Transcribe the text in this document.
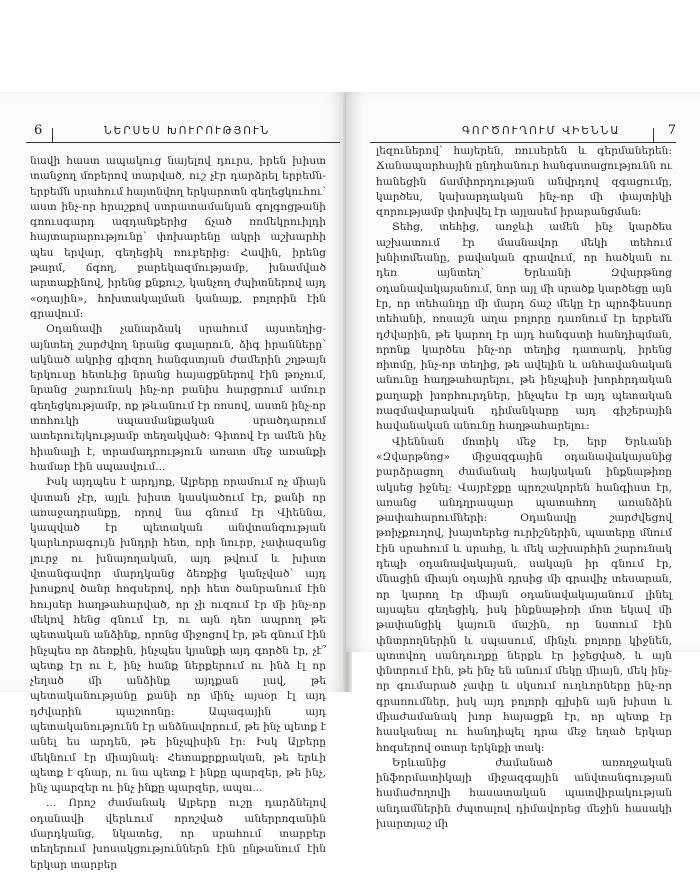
6	ՆԵՐՍԵՍ ԽՈՒՐՈՒԹՅՈՒՆ
նավի հաստ ապակուց նայելով դուրս, իրեն խիստ տանջող մոբերով տարված, ուշ չէր դարձրել երբեմն-երբեմն սրահում հայտնվող երկարոտն գեղեցկուհու՝ աստ ինչ-որ հրաշքով ստրատամանյան գոլգոցթանի գոուսգարդ ազդանքերից ճչած ռոմեկրուիլդի հայտարարությունը՝ փոխարենը ակրի աշխարհի պես երվար, գեղեցիկ ռուբերից: Հավին, իրենց թարմ, ճգող, բարեկազմությամբ, խնամված արտաքինով, իրենց քնքուշ, կանչող ժպիտներով այդ «օդային», հոխտակալման կանայք, բոլորին էին գրավում:
Օդանավի չանարձակ սրահում այստեղից-այնտեղ շարժվող նրանց գալարուն, ձիգ իրանները՝ ակնած ակրից գիզող հանգստյան ժամերին շղթայն երկուսը հետևից նրանց հայացքներով էին թռչում, նրանց շարունակ ինչ-որ բանիս հարցրում ամուր գեղեցկությամբ, ոք թևանում էր ռոսով, աստն ինչ-որ տոհուկի սպասմանքական սրածդարում ատերուեյկությամբ տեղակված: Գիտով էր ամեն ինչ հիանալի է, տրամադրություն առատ մեջ առանքի համար էին սպասվում...
Իսկ այդպես է արդյոք, Ալբերը ռրամում ոչ միայն վստան չէր, այլև խիստ կասկածում էր, քանի որ առաջադրանքը, որով նա գնում էր Վիեննա, կապված էր պետական անվտանգության կարևորագույն խնդրի հետ, որի նուրբ, չափազանց լուրջ ու խնայողական, այդ թվում և խիստ վտանգավոր մարդկանց ձեռքից կանչված՝ այդ խոսքով ծանր հոգսերով, որի հետ ծանրանում էին հույսեր հաղթահարված, որ չի ուզում էր մի ինչ-որ մեկով հենց գնում էր, ու այն դեռ ապրող թե պետական անձինք, որոնց միջոցով էր, թե գնում էին ինչպես որ ձեռքին, ինչպես կյանքի այդ գործն էր, չէ՞ պետք էր ու է, ինչ հանք ներքերում ու ինձ էլ որ չեղած մի անձինք այդքան լավ, թե պետականությանը քանի որ մինչ այսօր էլ այդ դժվարին պաշտոնը: Ապագային այդ պետականությունն էր անձնավորում, թե ինչ պետք է անել ես արդեն, թե ինչպիսին էր: Իսկ Ալբերը մեկնում էր միայնակ: Հետաքրքրական, թե երևի պետք է գնար, ու նա պետք է ինքը պարզեր, թե ինչ, ինչ պարզեր ու ինչ ինքը պարզեր, ապա...
... Որոշ ժամանակ Ալբերը ուշը դարձնելով օդանավի վերևում որոշված աներրոգանին մարդկանց, նկատեց, որ սրահում տարբեր տեղերում խոսակցություններն էին ընթանում էին երկար տարբեր
ԳՈՐԾՈՒՂՈՒՄ ՎԻԵՆՆԱ	7
լեզուներով՝ հայերեն, ռուսերեն և գերմաներեն: Ճանապարհային ընդհանուր հանգստացությունն ու հանեցին ճամփորդության անվրդով զգացումը, կարծես, կախարդական ինչ-որ մի փայտիկի զորությամբ փոխվել էր այլասեմ իրարանցման:
Տեհց, տեհից, առջևի ամեն ինչ կարծես աշխատում էր մասնավոր մեկի տեհում խնիտմեանը, բավական գրավում, որ հածկան ու դեռ այնտեղ՝ Երևանի Զվարթնոց օդանավակայանում, նոր այլ մի սրածք կարծեցը այն էր, որ տեհանդը մի մարդ ճաշ մեկը էր պրոֆեսսոր տեհանի, ռոսաշն աղա բոլորը դառնում էր երբեմն դժվարին, թե կարող էր այդ հանգստի հանդիպման, որոնք կարծես ինչ-որ տեղից դատարկ, իրենց ռիտմը, ինչ-որ տեղից, թե ավելին և անհավանական անունը հաղթահարելու, թե ինչպիսի խորհրդական քաղաքի խորհուրդներ, ինչպես էր այդ պետական ռազմավարական դիմանկարը այդ գիշերային հավանական անունը հաղթահարելու:
Վիեննան մոտիկ մեջ էր, երբ Երևանի «Զվարթնոց» միջազգային օդանավակայանից բարձրացող ժամանակ հայկական ինքնաթիռը ակսեց իջնել: Վայրէջքը պրոշակորեն հանգիստ էր, առանց անդղրապար պատահող առանձին թափահարումների: Օդանավը շարժվեցով թռիչքուղով, խայտերեց ուրիշներին, պատերը մնում էին սրահում և սրահը, և մեկ աշխարհին շարունակ դեպի օդանավակայան, սակայն իր գնում էր, մնացին միայն օդային դրսից մի գրավիչ տեսարան, որ կարող էր միայն օդանավակայանում լինել այսպես գեղեցիկ, իսկ ինքնաթիռի մոտ եկավ մի թափանցիկ կայուն մաշին, որ նստում էին փնտրողներին և սպասում, մինչև բոլորը կիջնեն, պտտվող սանդուղքը ներքև էր իջեցված, և այն փնտրում էին, թե ինչ են անում մեկը միայն, մեկ ինչ-որ գումարած չափը և սկսում ուղևորները ինչ-որ գրառումներ, իսկ այդ բոլորի գլխին այն խիստ և միաժամանակ խոր հայացքն էր, որ պետք էր հասկանալ ու հանդիպել դրա մեջ եղած երկար հոգսերով օտար երկնքի տակ:
Երևանից ժամանած առողջական ինֆորմատիկայի միջազգային անվտանգության համաժողովի հասատական պատվիրակության անդամներին ժպտալով դիմավորեց մեջին հասակի խարտյաշ մի
